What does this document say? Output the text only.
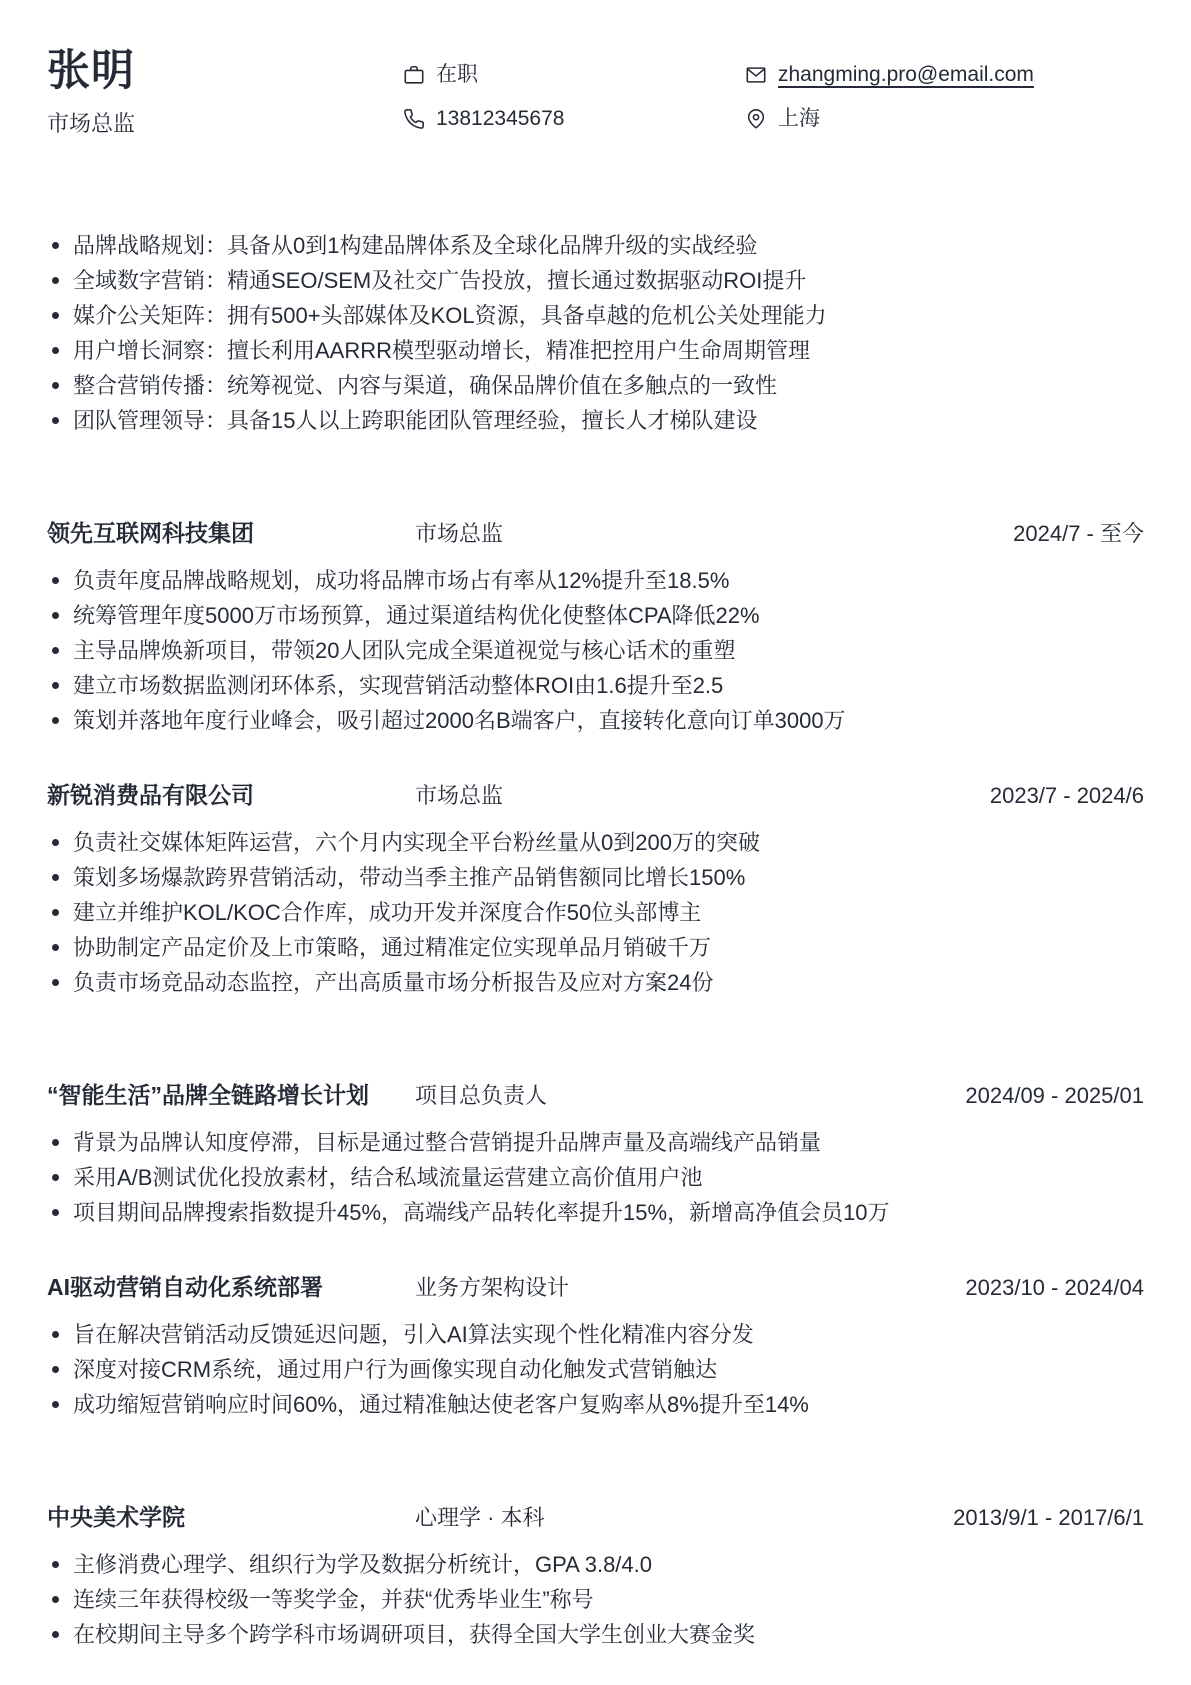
张明
市场总监
在职	zhangming.pro@email.com
13812345678	上海
品牌战略规划：具备从0到1构建品牌体系及全球化品牌升级的实战经验
全域数字营销：精通SEO/SEM及社交广告投放，擅长通过数据驱动ROI提升
媒介公关矩阵：拥有500+头部媒体及KOL资源，具备卓越的危机公关处理能力
用户增长洞察：擅长利用AARRR模型驱动增长，精准把控用户生命周期管理
整合营销传播：统筹视觉、内容与渠道，确保品牌价值在多触点的一致性
团队管理领导：具备15人以上跨职能团队管理经验，擅长人才梯队建设
领先互联网科技集团	市场总监	2024/7 - 至今
负责年度品牌战略规划，成功将品牌市场占有率从12%提升至18.5%
统筹管理年度5000万市场预算，通过渠道结构优化使整体CPA降低22%
主导品牌焕新项目，带领20人团队完成全渠道视觉与核心话术的重塑
建立市场数据监测闭环体系，实现营销活动整体ROI由1.6提升至2.5
策划并落地年度行业峰会，吸引超过2000名B端客户，直接转化意向订单3000万
新锐消费品有限公司	市场总监	2023/7 - 2024/6
负责社交媒体矩阵运营，六个月内实现全平台粉丝量从0到200万的突破
策划多场爆款跨界营销活动，带动当季主推产品销售额同比增长150%
建立并维护KOL/KOC合作库，成功开发并深度合作50位头部博主
协助制定产品定价及上市策略，通过精准定位实现单品月销破千万
负责市场竞品动态监控，产出高质量市场分析报告及应对方案24份
“智能生活”品牌全链路增长计划	项目总负责人	2024/09 - 2025/01
背景为品牌认知度停滞，目标是通过整合营销提升品牌声量及高端线产品销量
采用A/B测试优化投放素材，结合私域流量运营建立高价值用户池
项目期间品牌搜索指数提升45%，高端线产品转化率提升15%，新增高净值会员10万
AI驱动营销自动化系统部署	业务方架构设计	2023/10 - 2024/04
旨在解决营销活动反馈延迟问题，引入AI算法实现个性化精准内容分发
深度对接CRM系统，通过用户行为画像实现自动化触发式营销触达
成功缩短营销响应时间60%，通过精准触达使老客户复购率从8%提升至14%
中央美术学院	心理学 · 本科	2013/9/1 - 2017/6/1
主修消费心理学、组织行为学及数据分析统计，GPA 3.8/4.0
连续三年获得校级一等奖学金，并获“优秀毕业生”称号
在校期间主导多个跨学科市场调研项目，获得全国大学生创业大赛金奖
